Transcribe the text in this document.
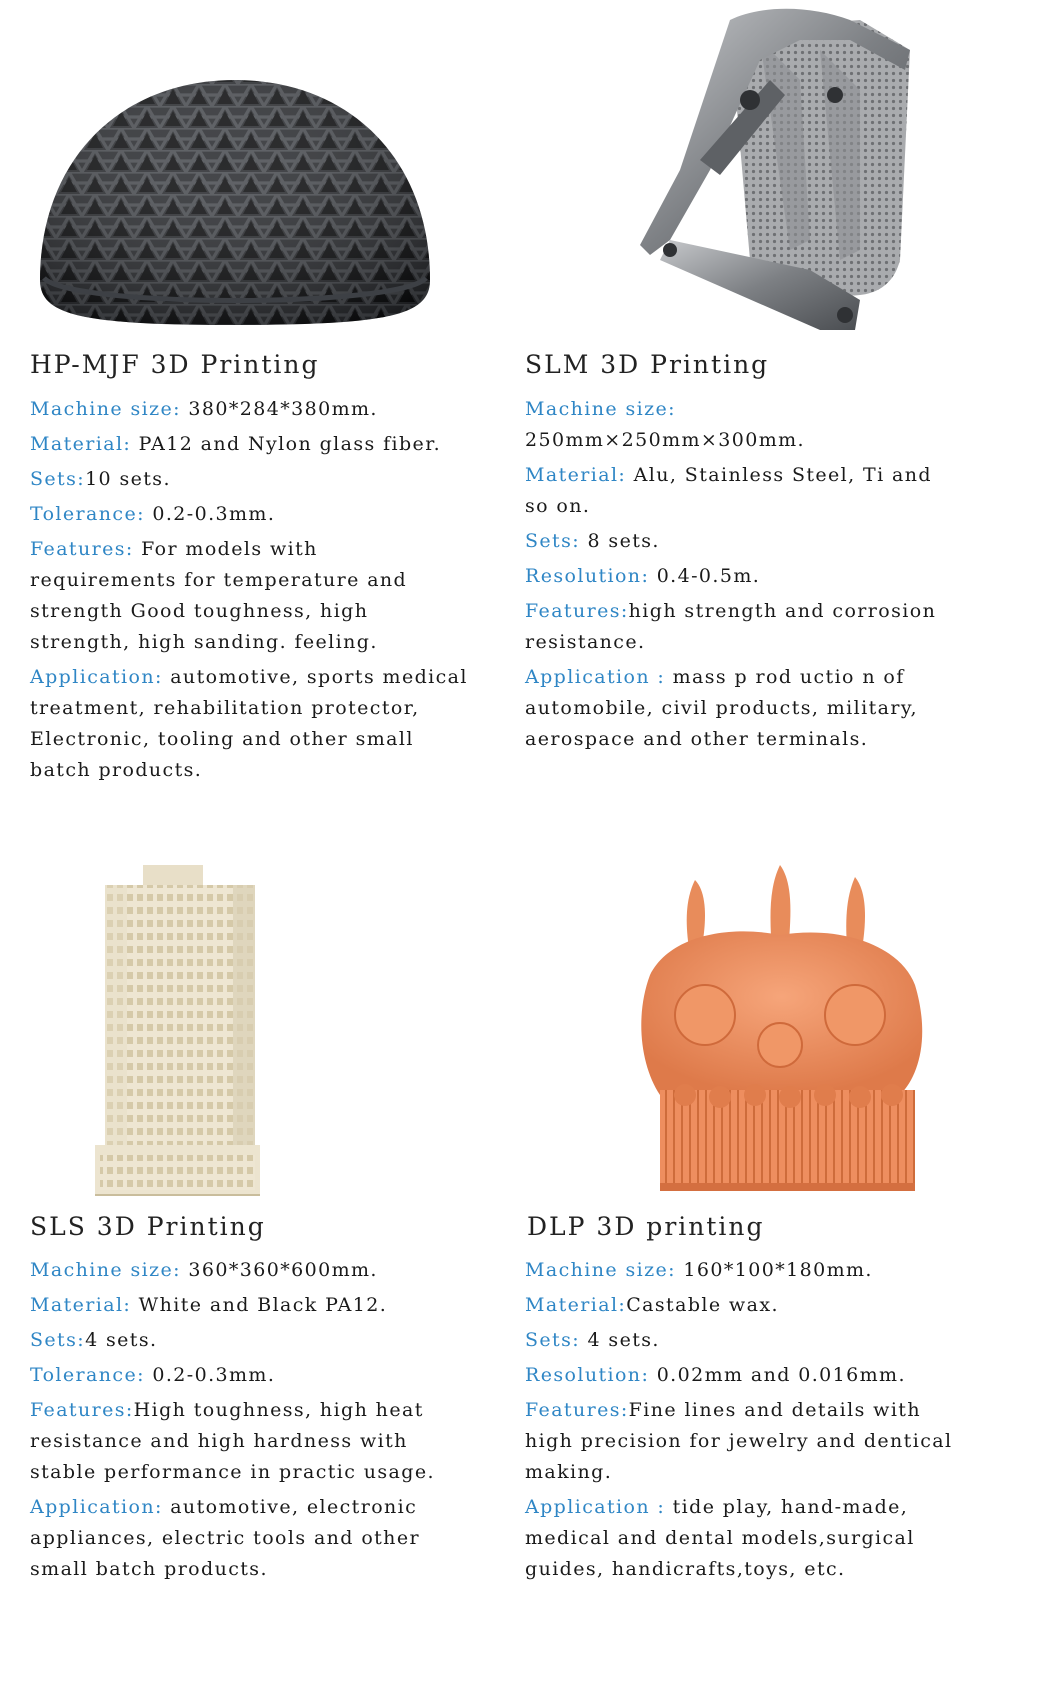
HP-MJF 3D Printing

Machine size: 380*284*380mm.

Material: PA12 and Nylon glass fiber.

Sets:10 sets.

Tolerance: 0.2-0.3mm.

Features: For models with requirements for temperature and strength Good toughness, high strength, high sanding. feeling.

Application: automotive, sports medical treatment, rehabilitation protector, Electronic, tooling and other small batch products.

SLM 3D Printing

Machine size: 250mm×250mm×300mm.

Material: Alu, Stainless Steel, Ti and so on.

Sets: 8 sets.

Resolution: 0.4-0.5m.

Features:high strength and corrosion resistance.

Application : mass p rod uctio n of automobile, civil products, military, aerospace and other terminals.

SLS 3D Printing

Machine size: 360*360*600mm.

Material: White and Black PA12.

Sets:4 sets.

Tolerance: 0.2-0.3mm.

Features:High toughness, high heat resistance and high hardness with stable performance in practic usage.

Application: automotive, electronic appliances, electric tools and other small batch products.

DLP 3D printing

Machine size: 160*100*180mm.

Material:Castable wax.

Sets: 4 sets.

Resolution: 0.02mm and 0.016mm.

Features:Fine lines and details with high precision for jewelry and dentical making.

Application : tide play, hand-made, medical and dental models,surgical guides, handicrafts,toys, etc.
